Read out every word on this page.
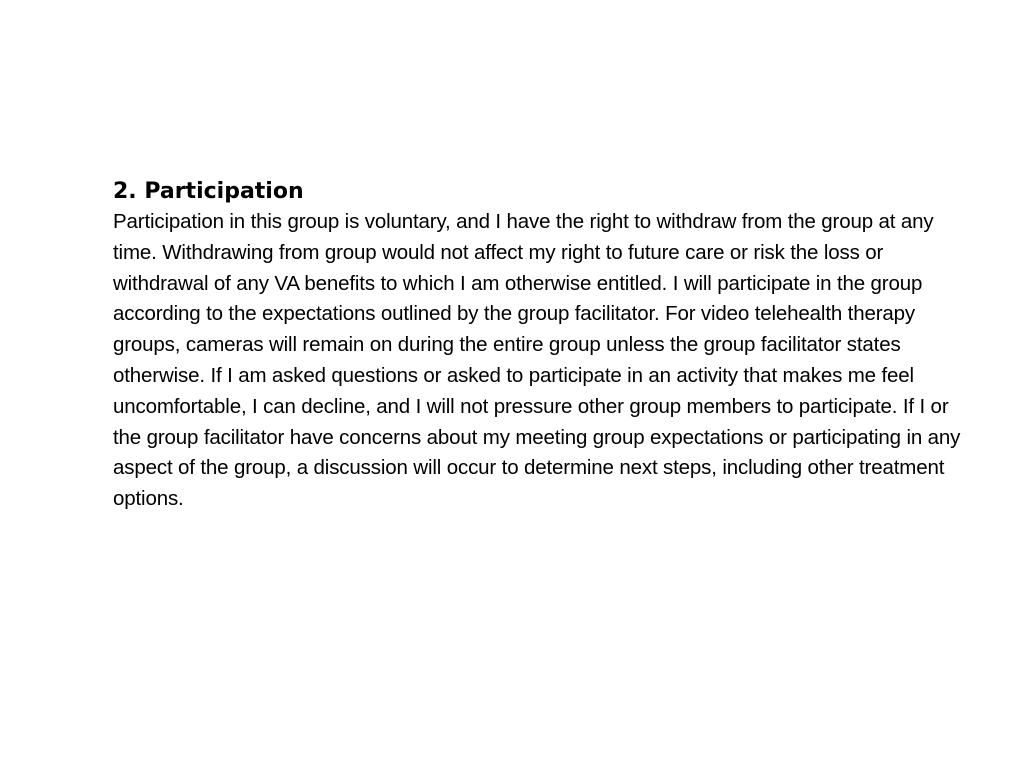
2. Participation

Participation in this group is voluntary, and I have the right to withdraw from the group at any time. Withdrawing from group would not affect my right to future care or risk the loss or withdrawal of any VA benefits to which I am otherwise entitled. I will participate in the group according to the expectations outlined by the group facilitator. For video telehealth therapy groups, cameras will remain on during the entire group unless the group facilitator states otherwise. If I am asked questions or asked to participate in an activity that makes me feel uncomfortable, I can decline, and I will not pressure other group members to participate. If I or the group facilitator have concerns about my meeting group expectations or participating in any aspect of the group, a discussion will occur to determine next steps, including other treatment options.
